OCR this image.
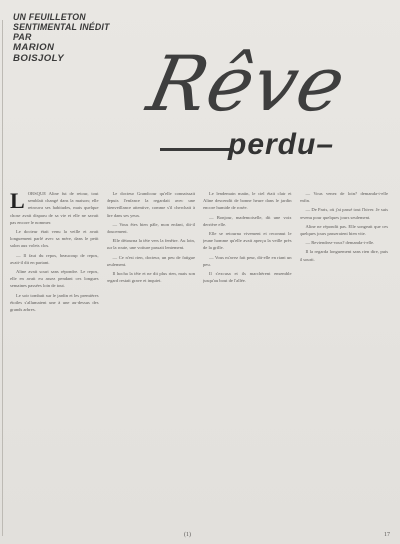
UN FEUILLETON
SENTIMENTAL INÉDIT
PAR
MARION
BOISJOLY	Rêve
perdu–

LORSQUE Aline fut de retour, tout semblait changé dans la maison; elle retrouva ses habitudes, mais quelque chose avait disparu de sa vie et elle ne savait pas encore le nommer.

Le docteur était venu la veille et avait longuement parlé avec sa mère, dans le petit salon aux volets clos.

— Il faut du repos, beaucoup de repos, avait-il dit en partant.

Aline avait souri sans répondre. Le repos, elle en avait eu assez pendant ces longues semaines passées loin de tout.

Le soir tombait sur le jardin et les premières étoiles s'allumaient une à une au-dessus des grands arbres.

Le docteur Grandcour qu'elle connaissait depuis l'enfance la regardait avec une bienveillance attentive, comme s'il cherchait à lire dans ses yeux.

— Vous êtes bien pâle, mon enfant, dit-il doucement.

Elle détourna la tête vers la fenêtre. Au loin, sur la route, une voiture passait lentement.

— Ce n'est rien, docteur, un peu de fatigue seulement.

Il hocha la tête et ne dit plus rien, mais son regard restait grave et inquiet.

Le lendemain matin, le ciel était clair et Aline descendit de bonne heure dans le jardin encore humide de rosée.

— Bonjour, mademoiselle, dit une voix derrière elle.

Elle se retourna vivement et reconnut le jeune homme qu'elle avait aperçu la veille près de la grille.

— Vous m'avez fait peur, dit-elle en riant un peu.

Il s'excusa et ils marchèrent ensemble jusqu'au bout de l'allée.

— Vous venez de loin? demanda-t-elle enfin.

— De Paris, où j'ai passé tout l'hiver. Je suis revenu pour quelques jours seulement.

Aline ne répondit pas. Elle songeait que ces quelques jours passeraient bien vite.

— Reviendrez-vous? demanda-t-elle.

Il la regarda longuement sans rien dire, puis il sourit.

(1)	17
